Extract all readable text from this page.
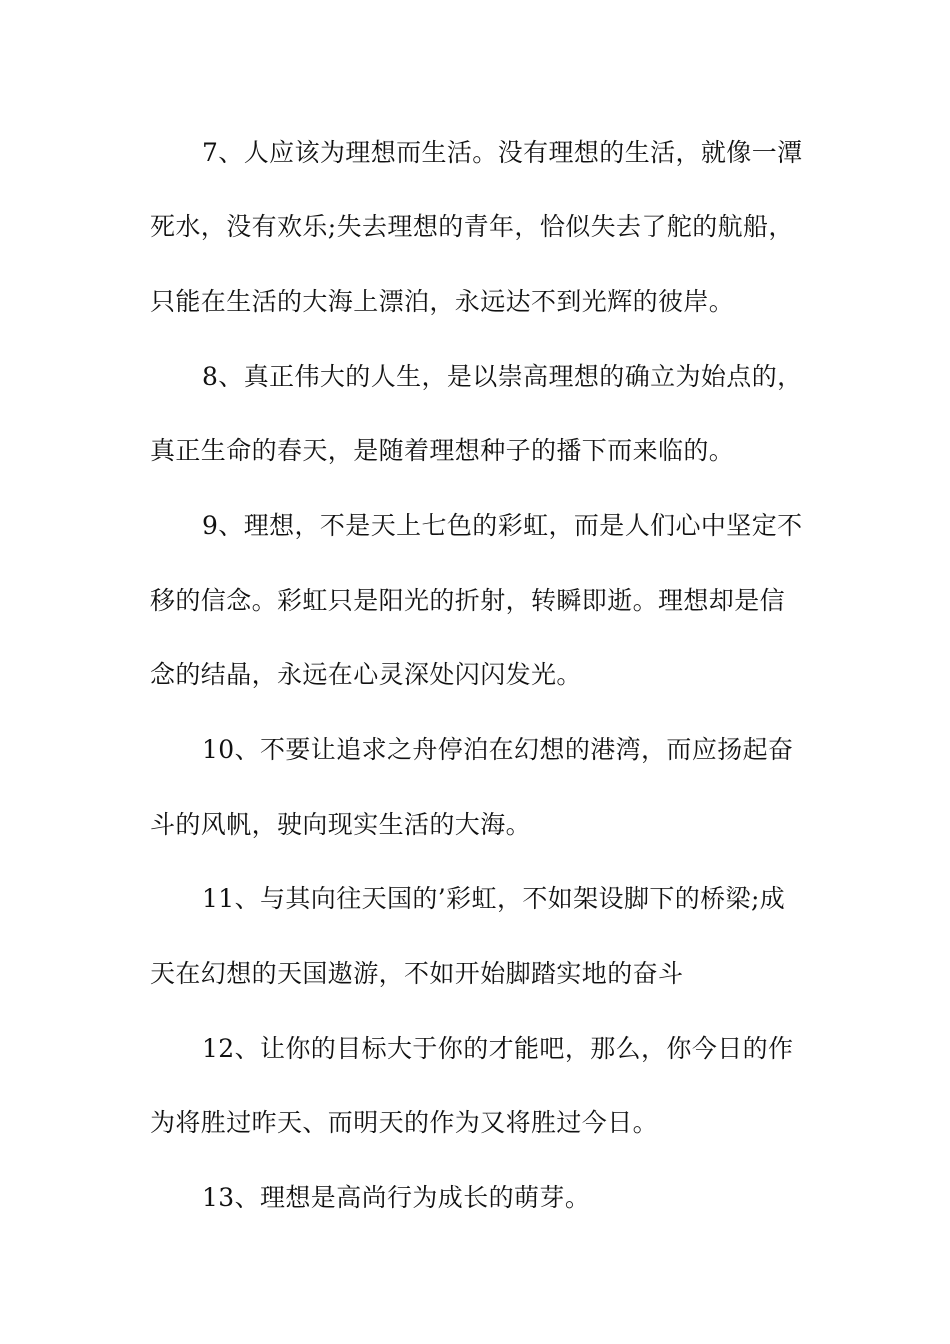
7、人应该为理想而生活。没有理想的生活，就像一潭
死水，没有欢乐;失去理想的青年，恰似失去了舵的航船，
只能在生活的大海上漂泊，永远达不到光辉的彼岸。
8、真正伟大的人生，是以崇高理想的确立为始点的，
真正生命的春天，是随着理想种子的播下而来临的。
9、理想，不是天上七色的彩虹，而是人们心中坚定不
移的信念。彩虹只是阳光的折射，转瞬即逝。理想却是信
念的结晶，永远在心灵深处闪闪发光。
10、不要让追求之舟停泊在幻想的港湾，而应扬起奋
斗的风帆，驶向现实生活的大海。
11、与其向往天国的’彩虹，不如架设脚下的桥梁;成
天在幻想的天国遨游，不如开始脚踏实地的奋斗
12、让你的目标大于你的才能吧，那么，你今日的作
为将胜过昨天、而明天的作为又将胜过今日。
13、理想是高尚行为成长的萌芽。
